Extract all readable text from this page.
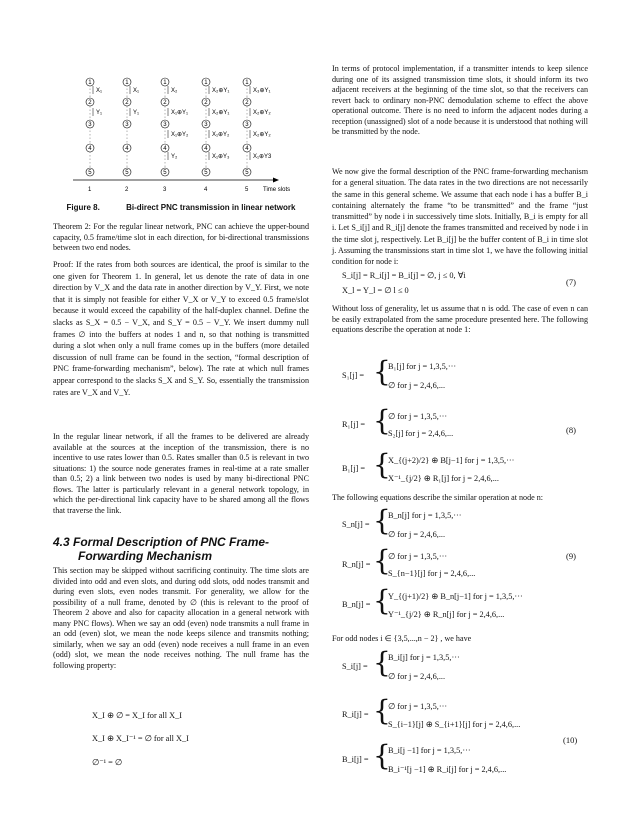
1	2	3	4	5
1
2
3
4
5
X₁
Y₁
1
2
3
4
5
X₁
Y₁
1
2
3
4
5
X₂
X₁⊕Y₁
X₁⊕Y₂
Y₂
1
2
3
4
5
X₂⊕Y₁
X₂⊕Y₁
X₁⊕Y₂
X₁⊕Y₃
1
2
3
4
5
X₃⊕Y₁
X₂⊕Y₂
X₂⊕Y₂
X₁⊕Y3
Time slots
Figure 8.	Bi-direct PNC transmission in linear network

Theorem 2: For the regular linear network, PNC can achieve the upper-bound capacity, 0.5 frame/time slot in each direction, for bi-directional transmissions between two end nodes.

Proof: If the rates from both sources are identical, the proof is similar to the one given for Theorem 1. In general, let us denote the rate of data in one direction by V_X and the data rate in another direction by V_Y. First, we note that it is simply not feasible for either V_X or V_Y to exceed 0.5 frame/slot because it would exceed the capability of the half-duplex channel. Define the slacks as S_X = 0.5 − V_X, and S_Y = 0.5 − V_Y. We insert dummy null frames ∅ into the buffers at nodes 1 and n, so that nothing is transmitted during a slot when only a null frame comes up in the buffers (more detailed discussion of null frame can be found in the section, “formal description of PNC frame-forwarding mechanism”, below). The rate at which null frames appear correspond to the slacks S_X and S_Y. So, essentially the transmission rates are V_X and V_Y.

In the regular linear network, if all the frames to be delivered are already available at the sources at the inception of the transmission, there is no incentive to use rates lower than 0.5. Rates smaller than 0.5 is relevant in two situations: 1) the source node generates frames in real-time at a rate smaller than 0.5; 2) a link between two nodes is used by many bi-directional PNC flows. The latter is particularly relevant in a general network topology, in which the per-directional link capacity have to be shared among all the flows that traverse the link.

4.3 Formal Description of PNC Frame-
Forwarding Mechanism

This section may be skipped without sacrificing continuity. The time slots are divided into odd and even slots, and during odd slots, odd nodes transmit and during even slots, even nodes transmit. For generality, we allow for the possibility of a null frame, denoted by ∅ (this is relevant to the proof of Theorem 2 above and also for capacity allocation in a general network with many PNC flows). When we say an odd (even) node transmits a null frame in an odd (even) slot, we mean the node keeps silence and transmits nothing; similarly, when we say an odd (even) node receives a null frame in an even (odd) slot, we mean the node receives nothing. The null frame has the following property:

X_I ⊕ ∅ = X_I for all X_I
X_I ⊕ X_I⁻¹ = ∅ for all X_I
∅⁻¹ = ∅

In terms of protocol implementation, if a transmitter intends to keep silence during one of its assigned transmission time slots, it should inform its two adjacent receivers at the beginning of the time slot, so that the receivers can revert back to ordinary non-PNC demodulation scheme to effect the above operational outcome. There is no need to inform the adjacent nodes during a reception (unassigned) slot of a node because it is understood that nothing will be transmitted by the node.

We now give the formal description of the PNC frame-forwarding mechanism for a general situation. The data rates in the two directions are not necessarily the same in this general scheme. We assume that each node i has a buffer B_i containing alternately the frame “to be transmitted” and the frame “just transmitted” by node i in successively time slots. Initially, B_i is empty for all i. Let S_i[j] and R_i[j] denote the frames transmitted and received by node i in the time slot j, respectively. Let B_i[j] be the buffer content of B_i in time slot j. Assuming the transmissions start in time slot 1, we have the following initial condition for node i:

S_i[j] = R_i[j] = B_i[j] = ∅, j ≤ 0, ∀i
X_l = Y_l = ∅ l ≤ 0
(7)

Without loss of generality, let us assume that n is odd. The case of even n can be easily extrapolated from the same procedure presented here. The following equations describe the operation at node 1:

S₁[j] = {
B₁[j] for j = 1,3,5,···
∅ for j = 2,4,6,...
R₁[j] = {
∅ for j = 1,3,5,···
S₂[j] for j = 2,4,6,...	(8)
B₁[j] = {
X_{(j+2)/2} ⊕ B[j−1] for j = 1,3,5,···
X⁻¹_{j/2} ⊕ R₁[j] for j = 2,4,6,...

The following equations describe the similar operation at node n:

S_n[j] = {
B_n[j] for j = 1,3,5,···
∅ for j = 2,4,6,...
R_n[j] = {
∅ for j = 1,3,5,···
S_{n−1}[j] for j = 2,4,6,...
(9)
B_n[j] = {
Y_{(j+1)/2} ⊕ B_n[j−1] for j = 1,3,5,···
Y⁻¹_{j/2} ⊕ R_n[j] for j = 2,4,6,...

For odd nodes i ∈ {3,5,...,n − 2} , we have

S_i[j] = {
B_i[j] for j = 1,3,5,···
∅ for j = 2,4,6,...
R_i[j] = {
∅ for j = 1,3,5,···
S_{i−1}[j] ⊕ S_{i+1}[j] for j = 2,4,6,...
(10)
B_i[j] = {
B_i[j −1] for j = 1,3,5,···
B_i⁻¹[j −1] ⊕ R_i[j] for j = 2,4,6,...
